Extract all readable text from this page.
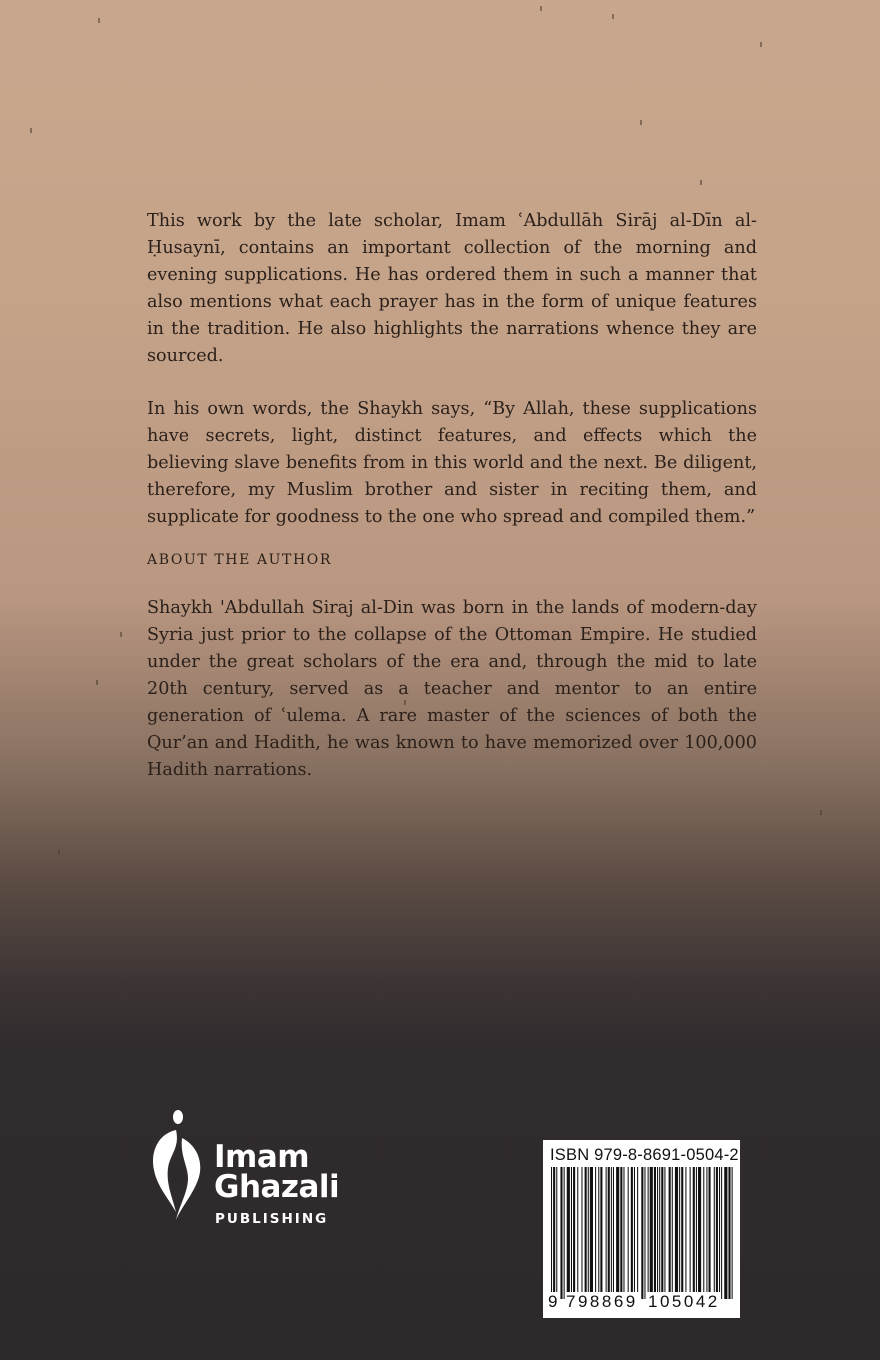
This work by the late scholar, Imam ʿAbdullāh Sirāj al-Dīn al-Ḥusaynī, contains an important collection of the morning and evening supplications. He has ordered them in such a manner that also mentions what each prayer has in the form of unique features in the tradition. He also highlights the narrations whence they are sourced.
In his own words, the Shaykh says, “By Allah, these supplications have secrets, light, distinct features, and effects which the believing slave benefits from in this world and the next. Be diligent, therefore, my Muslim brother and sister in reciting them, and supplicate for goodness to the one who spread and compiled them.”
ABOUT THE AUTHOR
Shaykh 'Abdullah Siraj al-Din was born in the lands of modern-day Syria just prior to the collapse of the Ottoman Empire. He studied under the great scholars of the era and, through the mid to late 20th century, served as a teacher and mentor to an entire generation of ʿulema. A rare master of the sciences of both the Qur’an and Hadith, he was known to have memorized over 100,000 Hadith narrations.
Imam
Ghazali
PUBLISHING
ISBN 979-8-8691-0504-2
9 798869 105042
